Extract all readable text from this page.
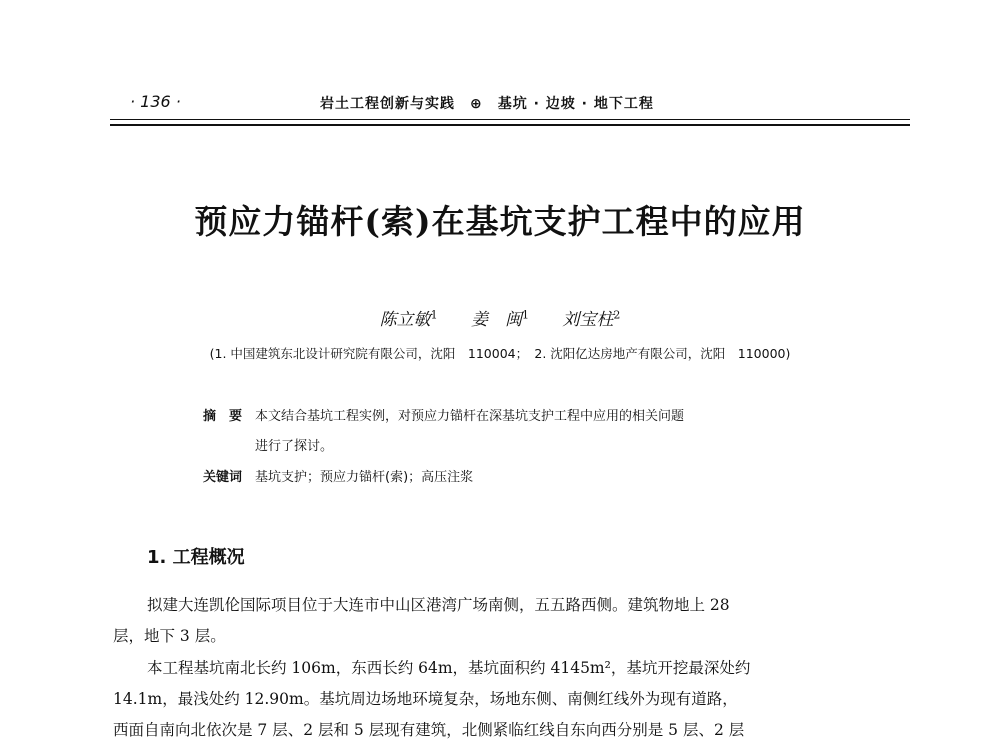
· 136 ·	岩土工程创新与实践　⊕　基坑 · 边坡 · 地下工程
预应力锚杆(索)在基坑支护工程中的应用
陈立敏$^1$ 姜　闽$^1$ 刘宝柱$^2$
(1. 中国建筑东北设计研究院有限公司，沈阳　110004；　2. 沈阳亿达房地产有限公司，沈阳　110000)
摘　要 本文结合基坑工程实例，对预应力锚杆在深基坑支护工程中应用的相关问题
进行了探讨。
关键词 基坑支护；预应力锚杆(索)；高压注浆
1. 工程概况
拟建大连凯伦国际项目位于大连市中山区港湾广场南侧，五五路西侧。建筑物地上 28
层，地下 3 层。
本工程基坑南北长约 106m，东西长约 64m，基坑面积约 4145m²，基坑开挖最深处约
14.1m，最浅处约 12.90m。基坑周边场地环境复杂，场地东侧、南侧红线外为现有道路，
西面自南向北依次是 7 层、2 层和 5 层现有建筑，北侧紧临红线自东向西分别是 5 层、2 层
